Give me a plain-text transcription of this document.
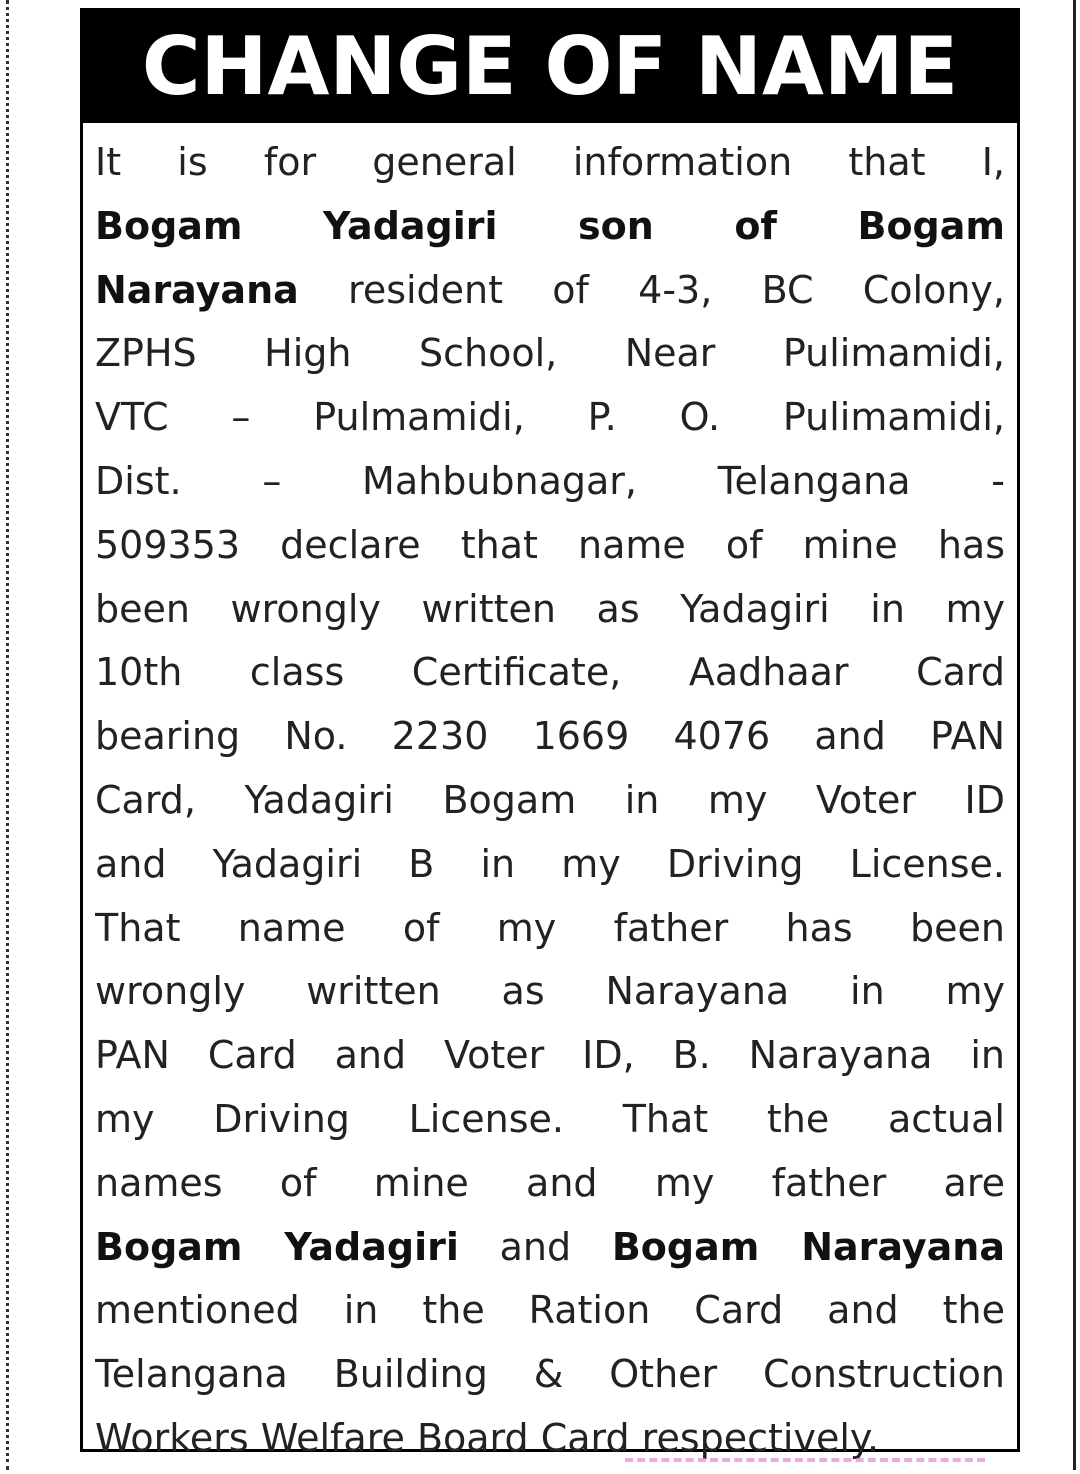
CHANGE OF NAME
It is for general information that I,
Bogam Yadagiri son of Bogam
Narayana resident of 4-3, BC Colony,
ZPHS High School, Near Pulimamidi,
VTC – Pulmamidi, P. O. Pulimamidi,
Dist. – Mahbubnagar, Telangana -
509353 declare that name of mine has
been wrongly written as Yadagiri in my
10th class Certificate, Aadhaar Card
bearing No. 2230 1669 4076 and PAN
Card, Yadagiri Bogam in my Voter ID
and Yadagiri B in my Driving License.
That name of my father has been
wrongly written as Narayana in my
PAN Card and Voter ID, B. Narayana in
my Driving License. That the actual
names of mine and my father are
Bogam Yadagiri and Bogam Narayana
mentioned in the Ration Card and the
Telangana Building & Other Construction
Workers Welfare Board Card respectively.
